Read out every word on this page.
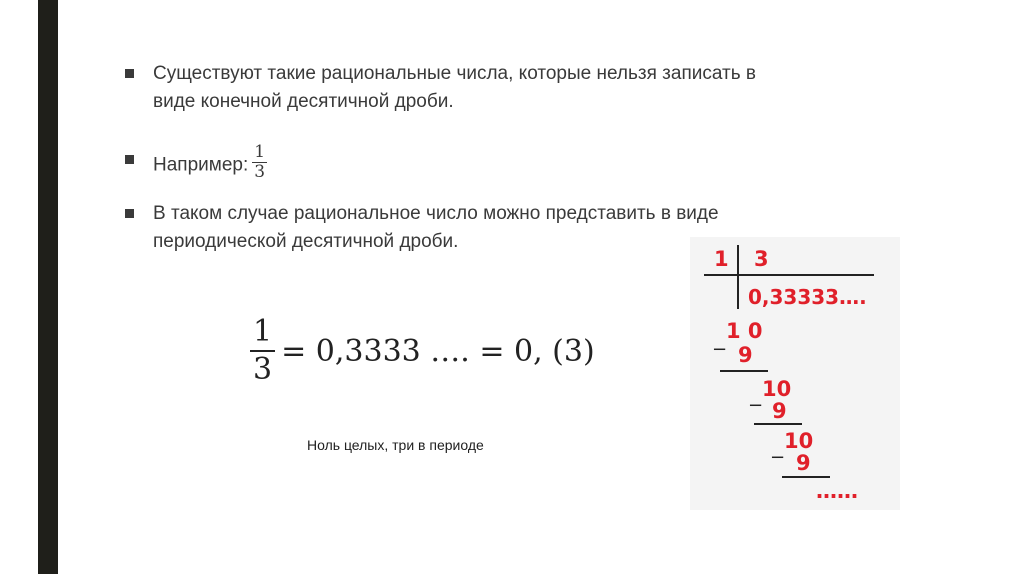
Существуют такие рациональные числа, которые нельзя записать в
виде конечной десятичной дроби.
Например: $\frac{1}{3}$
В таком случае рациональное число можно представить в виде
периодической десятичной дроби.
$\frac{1}{3} = 0,3333$ …. = 0, (3)
Ноль целых, три в периоде
1 3
0,33333….
1 0
− 9
10
− 9
10
− 9
……
